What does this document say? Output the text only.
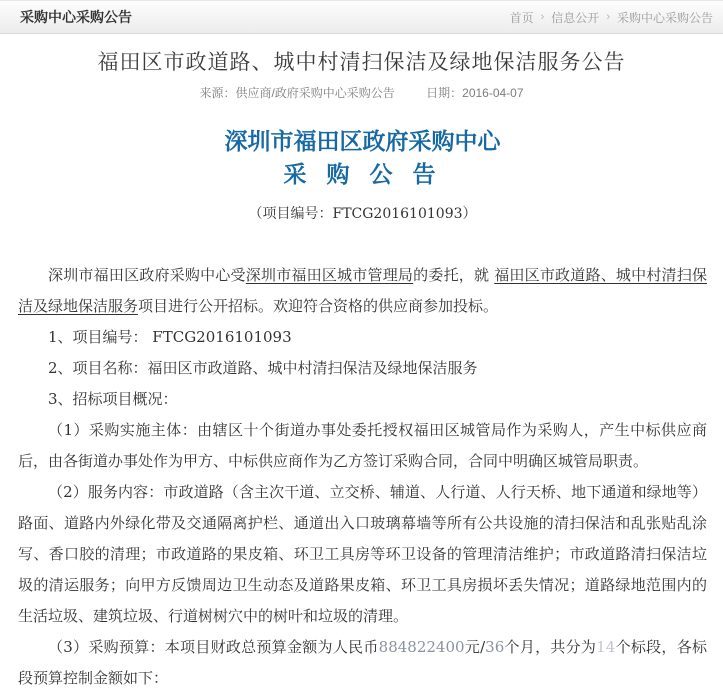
采购中心采购公告	首页 › 信息公开 › 采购中心采购公告
福田区市政道路、城中村清扫保洁及绿地保洁服务公告
来源：供应商/政府采购中心采购公告	日期：2016-04-07
深圳市福田区政府采购中心
采 购 公 告
（项目编号：FTCG2016101093）

深圳市福田区政府采购中心受深圳市福田区城市管理局的委托，就 福田区市政道路、城中村清扫保洁及绿地保洁服务项目进行公开招标。欢迎符合资格的供应商参加投标。

1、项目编号： FTCG2016101093

2、项目名称：福田区市政道路、城中村清扫保洁及绿地保洁服务

3、招标项目概况：

（1）采购实施主体：由辖区十个街道办事处委托授权福田区城管局作为采购人，产生中标供应商后，由各街道办事处作为甲方、中标供应商作为乙方签订采购合同，合同中明确区城管局职责。

（2）服务内容：市政道路（含主次干道、立交桥、辅道、人行道、人行天桥、地下通道和绿地等）路面、道路内外绿化带及交通隔离护栏、通道出入口玻璃幕墙等所有公共设施的清扫保洁和乱张贴乱涂写、香口胶的清理；市政道路的果皮箱、环卫工具房等环卫设备的管理清洁维护；市政道路清扫保洁垃圾的清运服务；向甲方反馈周边卫生动态及道路果皮箱、环卫工具房损坏丢失情况；道路绿地范围内的生活垃圾、建筑垃圾、行道树树穴中的树叶和垃圾的清理。

（3）采购预算：本项目财政总预算金额为人民币884822400元/36个月，共分为14个标段，各标段预算控制金额如下：
